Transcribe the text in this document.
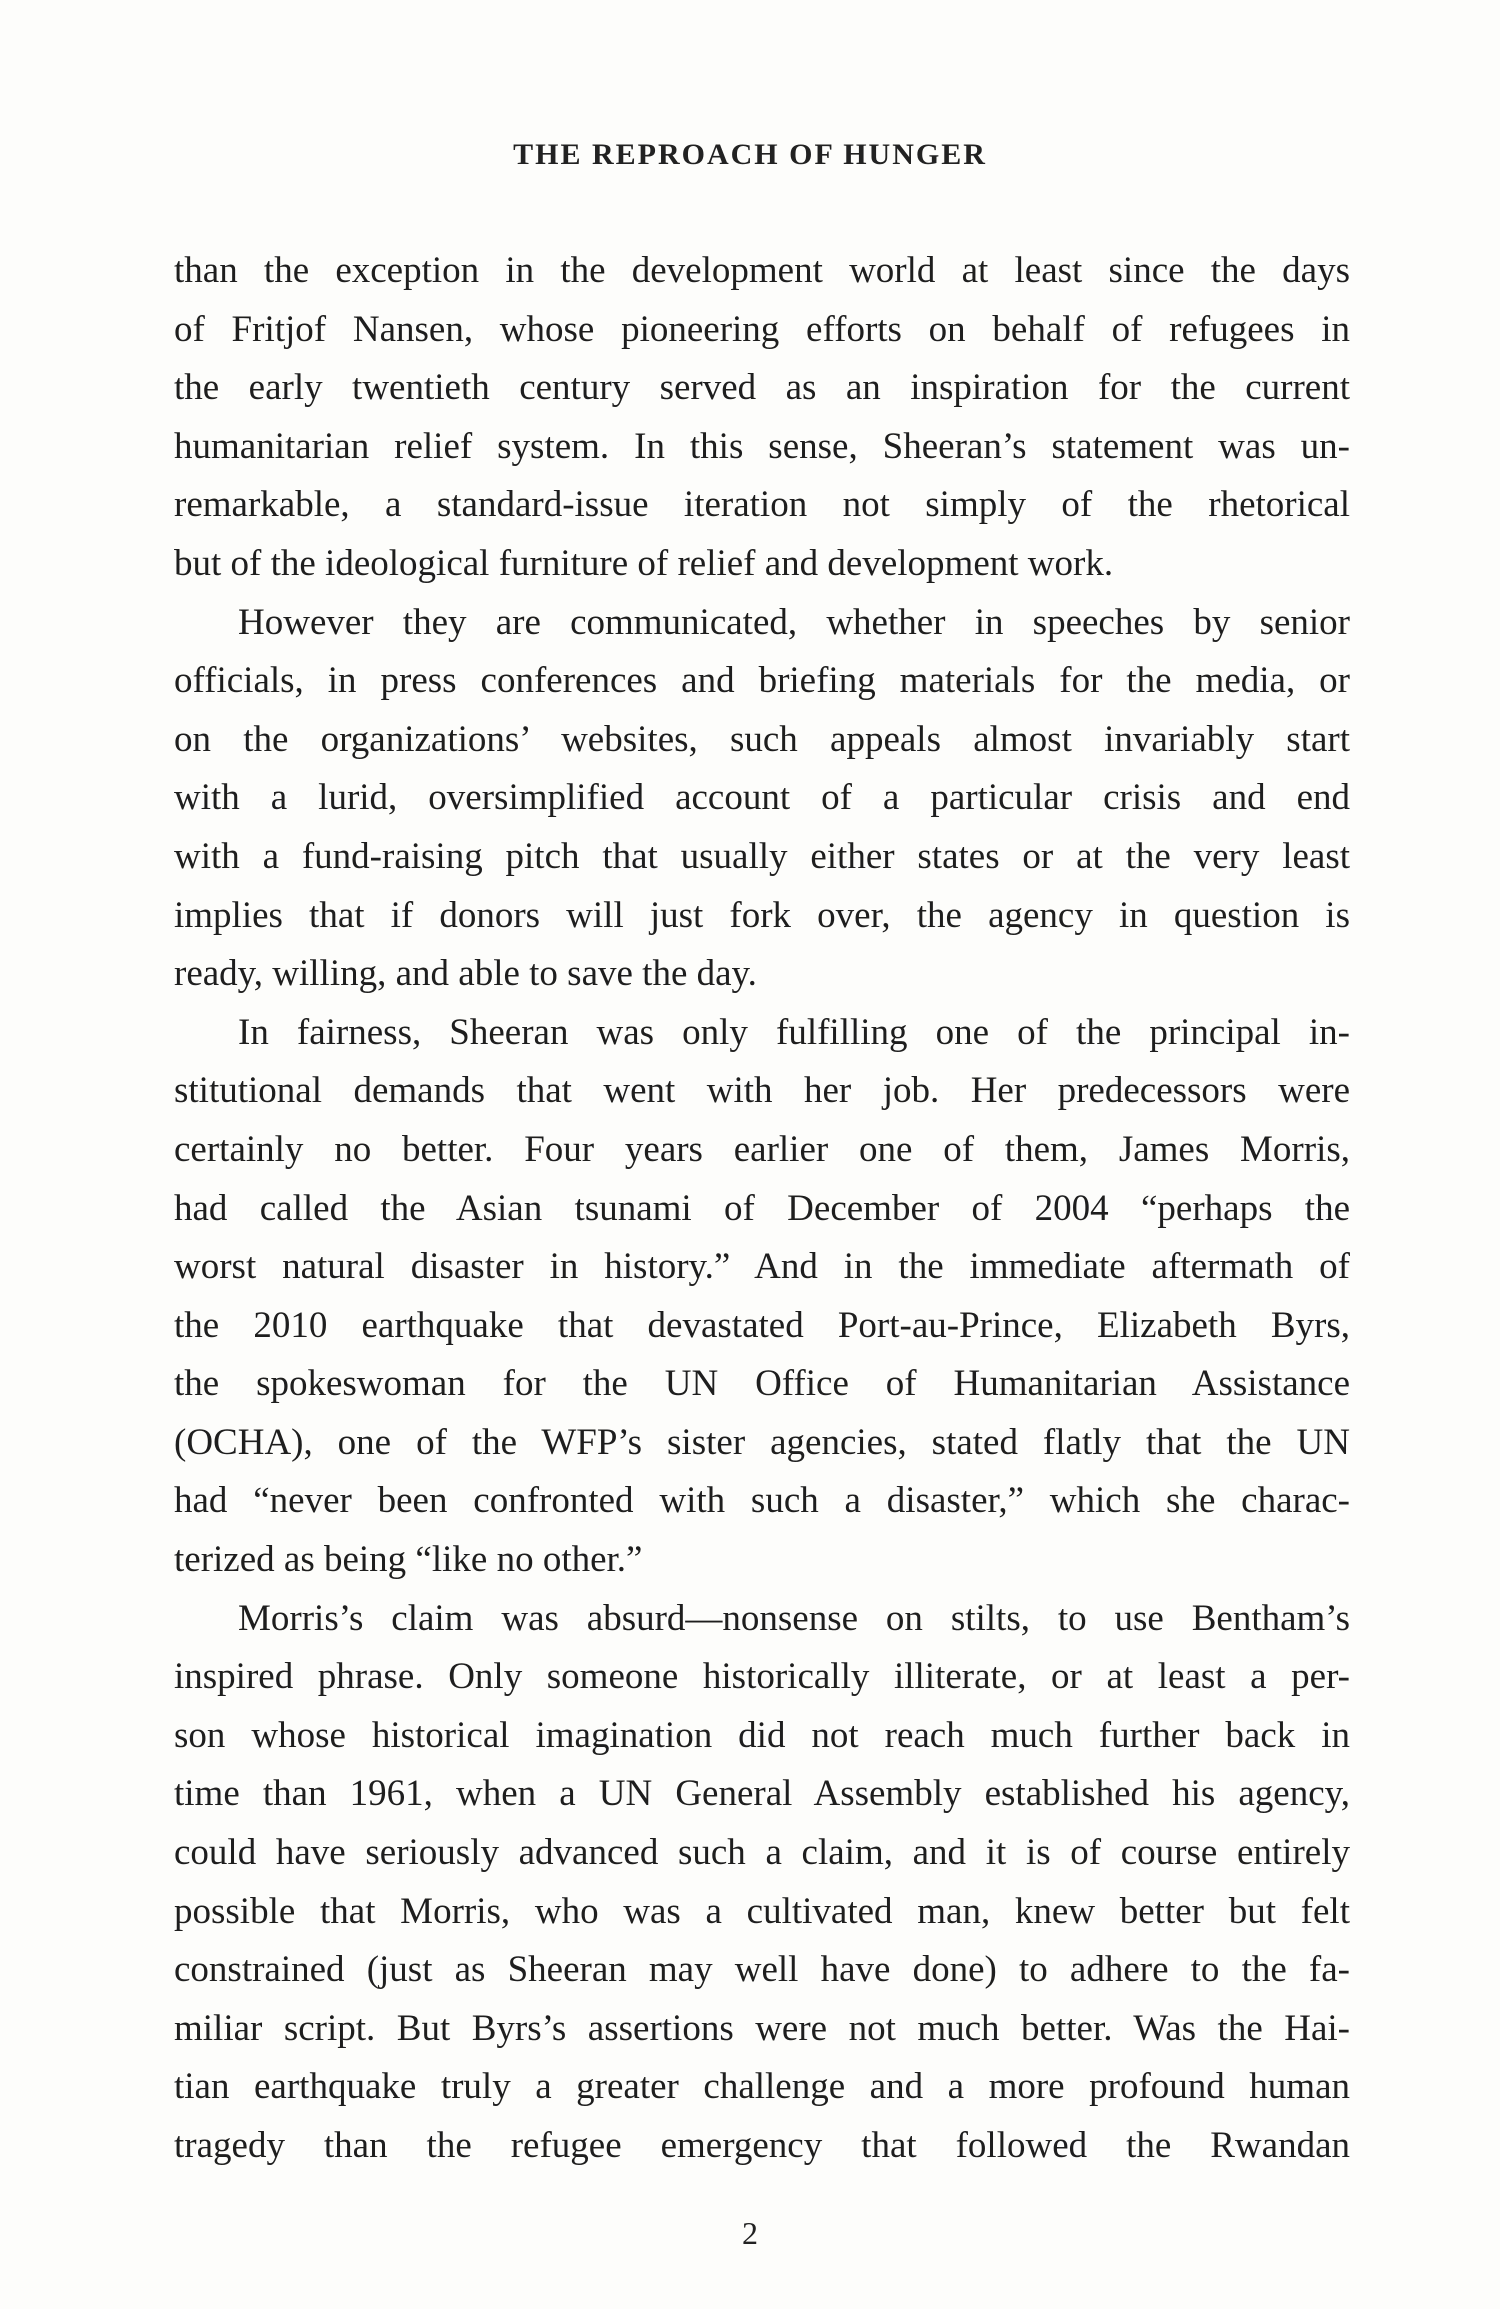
THE REPROACH OF HUNGER
than the exception in the development world at least since the days
of Fritjof Nansen, whose pioneering efforts on behalf of refugees in
the early twentieth century served as an inspiration for the current
humanitarian relief system. In this sense, Sheeran’s statement was un-
remarkable, a standard-issue iteration not simply of the rhetorical
but of the ideological furniture of relief and development work.
However they are communicated, whether in speeches by senior
officials, in press conferences and briefing materials for the media, or
on the organizations’ websites, such appeals almost invariably start
with a lurid, oversimplified account of a particular crisis and end
with a fund-raising pitch that usually either states or at the very least
implies that if donors will just fork over, the agency in question is
ready, willing, and able to save the day.
In fairness, Sheeran was only fulfilling one of the principal in-
stitutional demands that went with her job. Her predecessors were
certainly no better. Four years earlier one of them, James Morris,
had called the Asian tsunami of December of 2004 “perhaps the
worst natural disaster in history.” And in the immediate aftermath of
the 2010 earthquake that devastated Port-au-Prince, Elizabeth Byrs,
the spokeswoman for the UN Office of Humanitarian Assistance
(OCHA), one of the WFP’s sister agencies, stated flatly that the UN
had “never been confronted with such a disaster,” which she charac-
terized as being “like no other.”
Morris’s claim was absurd—nonsense on stilts, to use Bentham’s
inspired phrase. Only someone historically illiterate, or at least a per-
son whose historical imagination did not reach much further back in
time than 1961, when a UN General Assembly established his agency,
could have seriously advanced such a claim, and it is of course entirely
possible that Morris, who was a cultivated man, knew better but felt
constrained (just as Sheeran may well have done) to adhere to the fa-
miliar script. But Byrs’s assertions were not much better. Was the Hai-
tian earthquake truly a greater challenge and a more profound human
tragedy than the refugee emergency that followed the Rwandan
2
